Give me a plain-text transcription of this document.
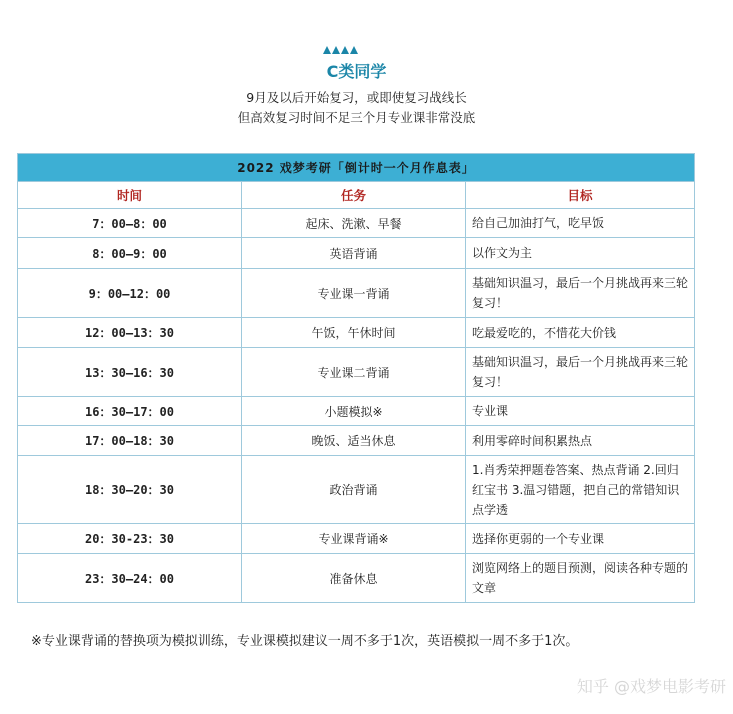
C类同学
9月及以后开始复习，或即使复习战线长
但高效复习时间不足三个月专业课非常没底
2022 戏梦考研「倒计时一个月作息表」		
时间	任务	目标
7：00—8：00	起床、洗漱、早餐	给自己加油打气，吃早饭
8：00—9：00	英语背诵	以作文为主
9：00—12：00	专业课一背诵	基础知识温习，最后一个月挑战再来三轮复习！
12：00—13：30	午饭，午休时间	吃最爱吃的，不惜花大价钱
13：30—16：30	专业课二背诵	基础知识温习，最后一个月挑战再来三轮复习！
16：30—17：00	小题模拟※	专业课
17：00—18：30	晚饭、适当休息	利用零碎时间积累热点
18：30—20：30	政治背诵	1.肖秀荣押题卷答案、热点背诵 2.回归红宝书 3.温习错题，把自己的常错知识点学透
20：30-23：30	专业课背诵※	选择你更弱的一个专业课
23：30—24：00	准备休息	浏览网络上的题目预测，阅读各种专题的文章
※专业课背诵的替换项为模拟训练，专业课模拟建议一周不多于1次，英语模拟一周不多于1次。
知乎 @戏梦电影考研
